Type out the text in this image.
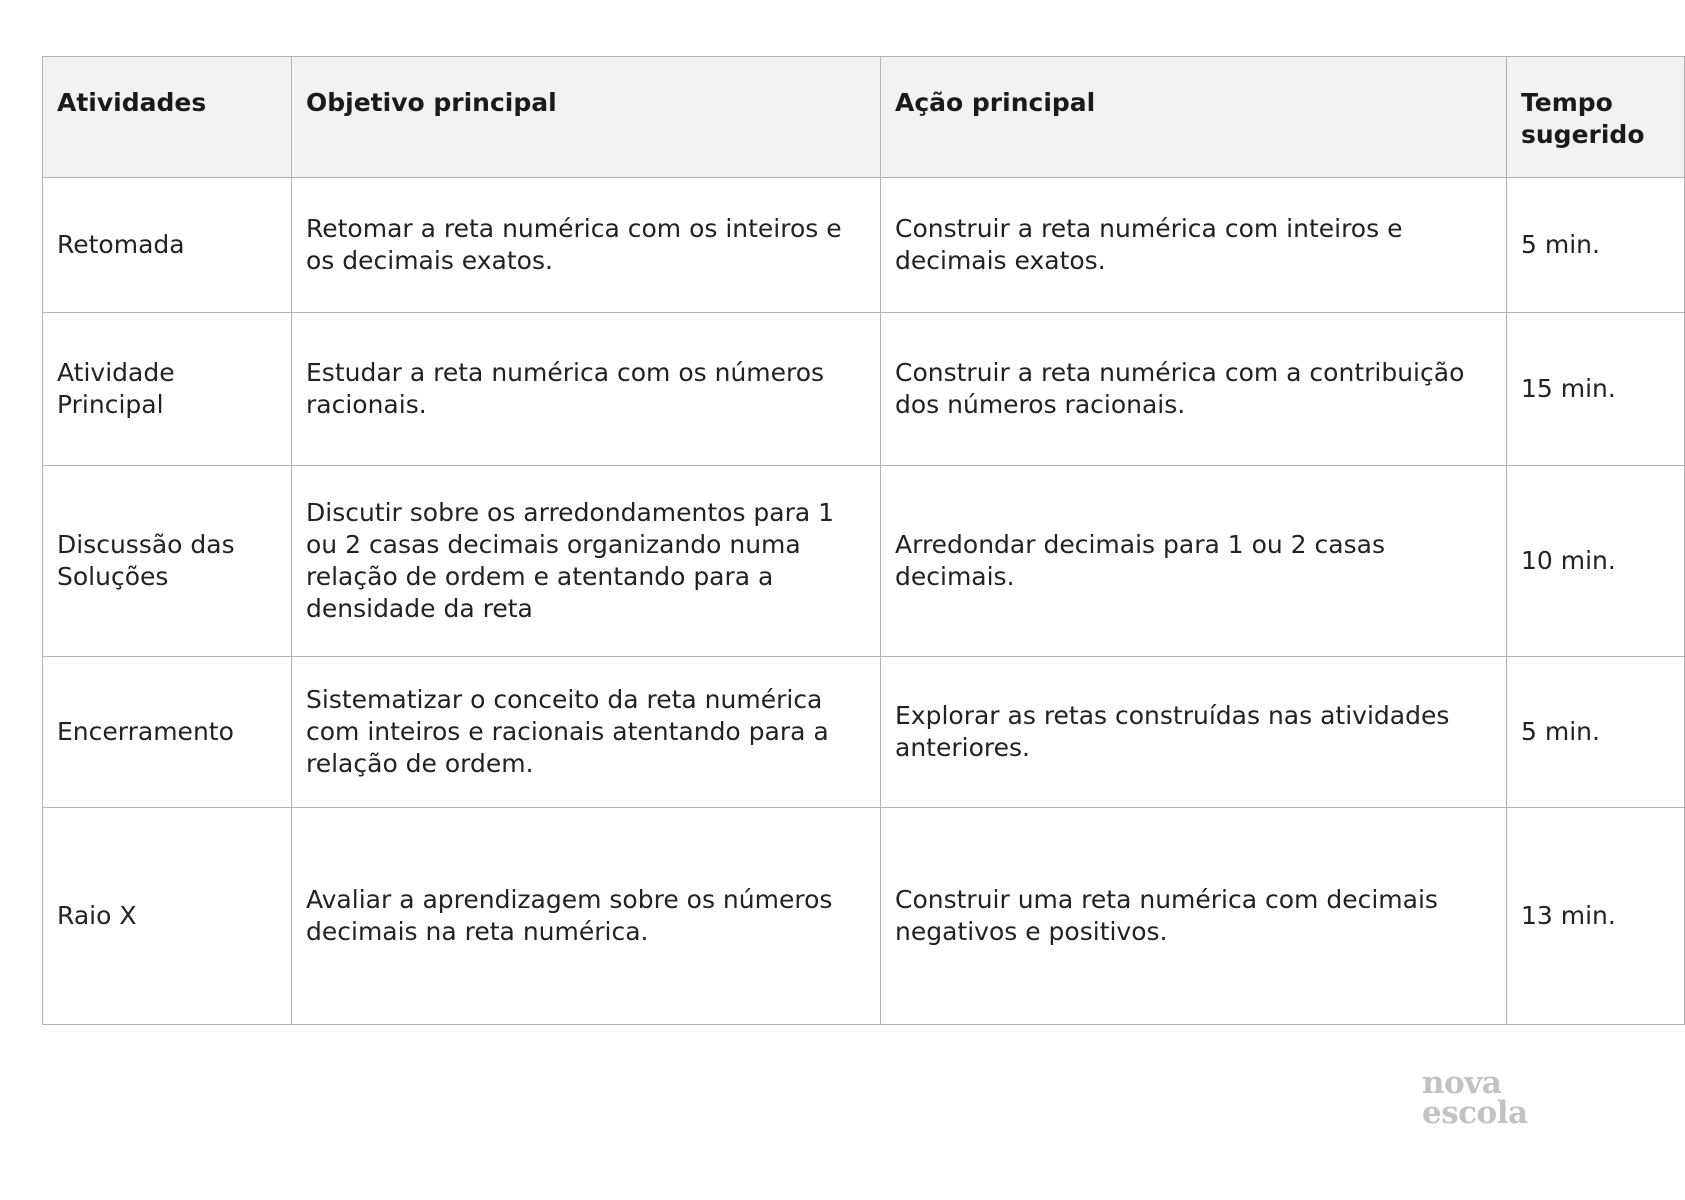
Atividades	Objetivo principal	Ação principal	Tempo sugerido
Retomada	Retomar a reta numérica com os inteiros e os decimais exatos.	Construir a reta numérica com inteiros e decimais exatos.	5 min.
Atividade Principal	Estudar a reta numérica com os números racionais.	Construir a reta numérica com a contribuição dos números racionais.	15 min.
Discussão das Soluções	Discutir sobre os arredondamentos para 1 ou 2 casas decimais organizando numa relação de ordem e atentando para a densidade da reta	Arredondar decimais para 1 ou 2 casas decimais.	10 min.
Encerramento	Sistematizar o conceito da reta numérica com inteiros e racionais atentando para a relação de ordem.	Explorar as retas construídas nas atividades anteriores.	5 min.
Raio X	Avaliar a aprendizagem sobre os números decimais na reta numérica.	Construir uma reta numérica com decimais negativos e positivos.	13 min.
nova
escola
